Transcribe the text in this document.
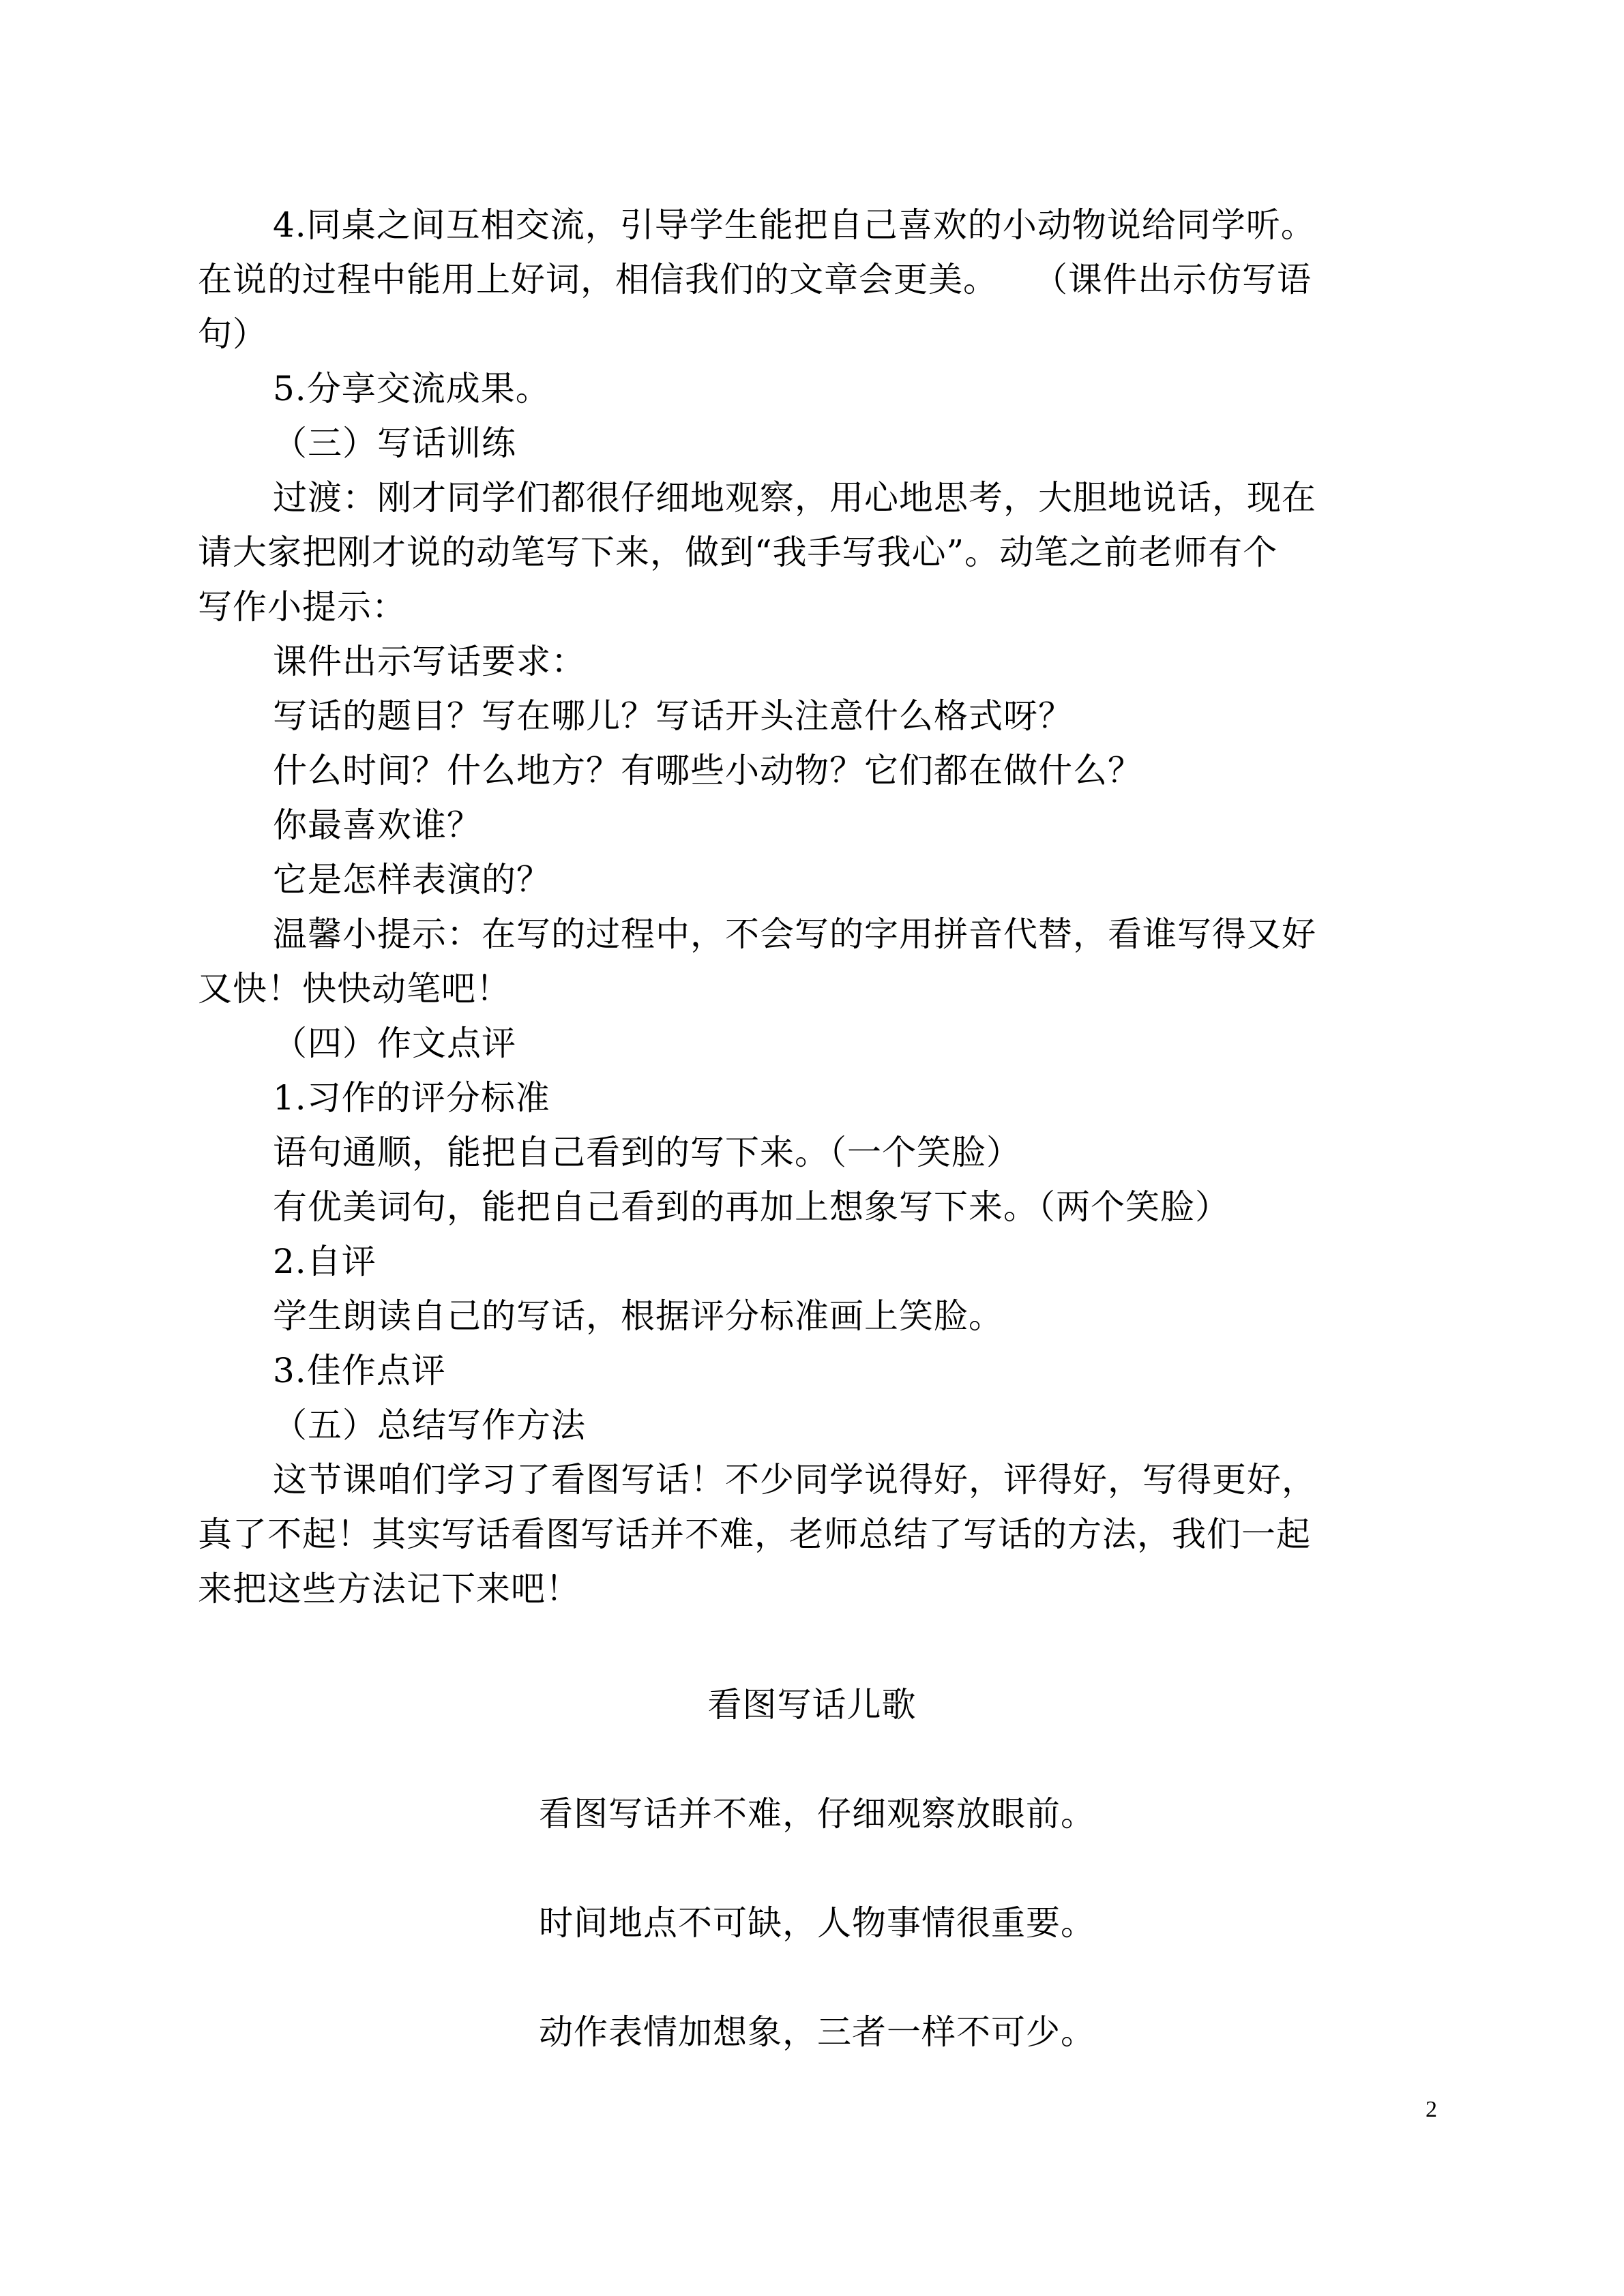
4.同桌之间互相交流，引导学生能把自己喜欢的小动物说给同学听。
在说的过程中能用上好词，相信我们的文章会更美。　　（课件出示仿写语
句）
5.分享交流成果。
（三）写话训练
过渡：刚才同学们都很仔细地观察，用心地思考，大胆地说话，现在
请大家把刚才说的动笔写下来，做到“我手写我心”。动笔之前老师有个
写作小提示：
课件出示写话要求：
写话的题目？写在哪儿？写话开头注意什么格式呀？
什么时间？什么地方？有哪些小动物？它们都在做什么？
你最喜欢谁？
它是怎样表演的？
温馨小提示：在写的过程中，不会写的字用拼音代替，看谁写得又好
又快！快快动笔吧！
（四）作文点评
1.习作的评分标准
语句通顺，能把自己看到的写下来。（一个笑脸）
有优美词句，能把自己看到的再加上想象写下来。（两个笑脸）
2.自评
学生朗读自己的写话，根据评分标准画上笑脸。
3.佳作点评
（五）总结写作方法
这节课咱们学习了看图写话！不少同学说得好，评得好，写得更好，
真了不起！其实写话看图写话并不难，老师总结了写话的方法，我们一起
来把这些方法记下来吧！
看图写话儿歌
看图写话并不难，仔细观察放眼前。
时间地点不可缺，人物事情很重要。
动作表情加想象，三者一样不可少。
2
